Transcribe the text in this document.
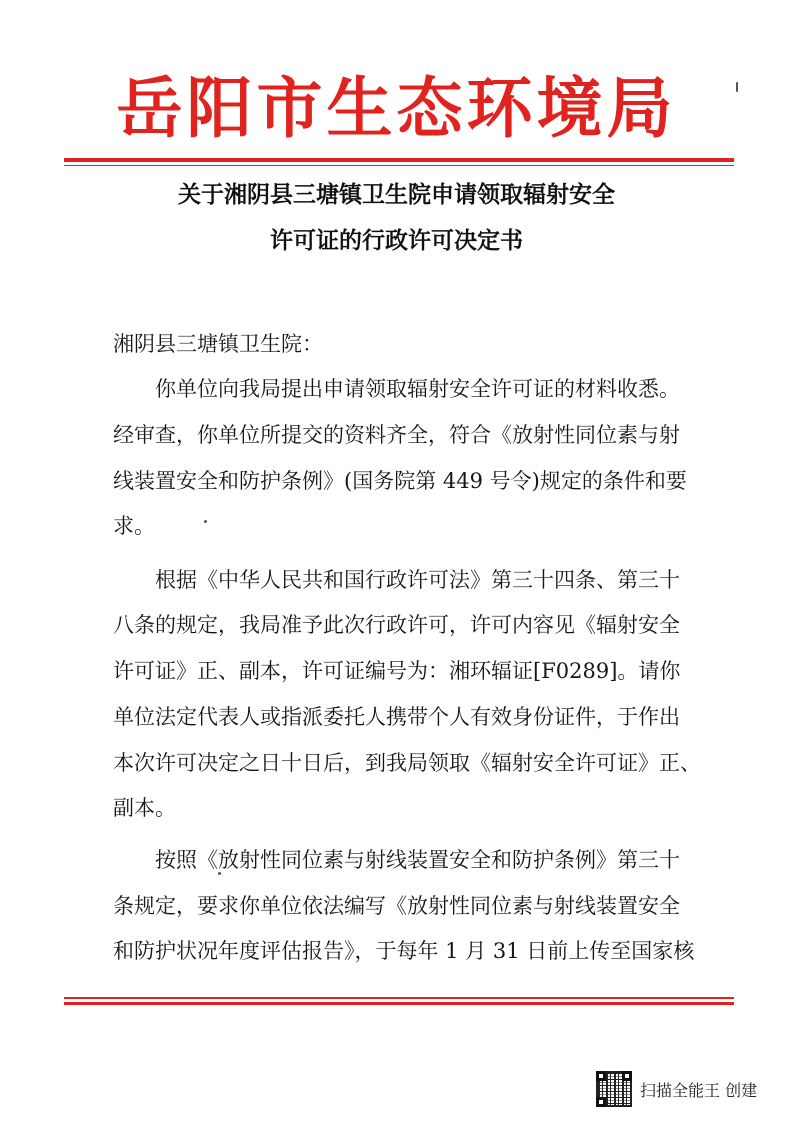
岳阳市生态环境局
关于湘阴县三塘镇卫生院申请领取辐射安全
许可证的行政许可决定书
湘阴县三塘镇卫生院：
你单位向我局提出申请领取辐射安全许可证的材料收悉。
经审查，你单位所提交的资料齐全，符合《放射性同位素与射
线装置安全和防护条例》(国务院第 449 号令)规定的条件和要
求。
根据《中华人民共和国行政许可法》第三十四条、第三十
八条的规定，我局准予此次行政许可，许可内容见《辐射安全
许可证》正、副本，许可证编号为：湘环辐证[F0289]。请你
单位法定代表人或指派委托人携带个人有效身份证件，于作出
本次许可决定之日十日后，到我局领取《辐射安全许可证》正、
副本。
按照《放射性同位素与射线装置安全和防护条例》第三十
条规定，要求你单位依法编写《放射性同位素与射线装置安全
和防护状况年度评估报告》，于每年 1 月 31 日前上传至国家核
扫描全能王 创建
